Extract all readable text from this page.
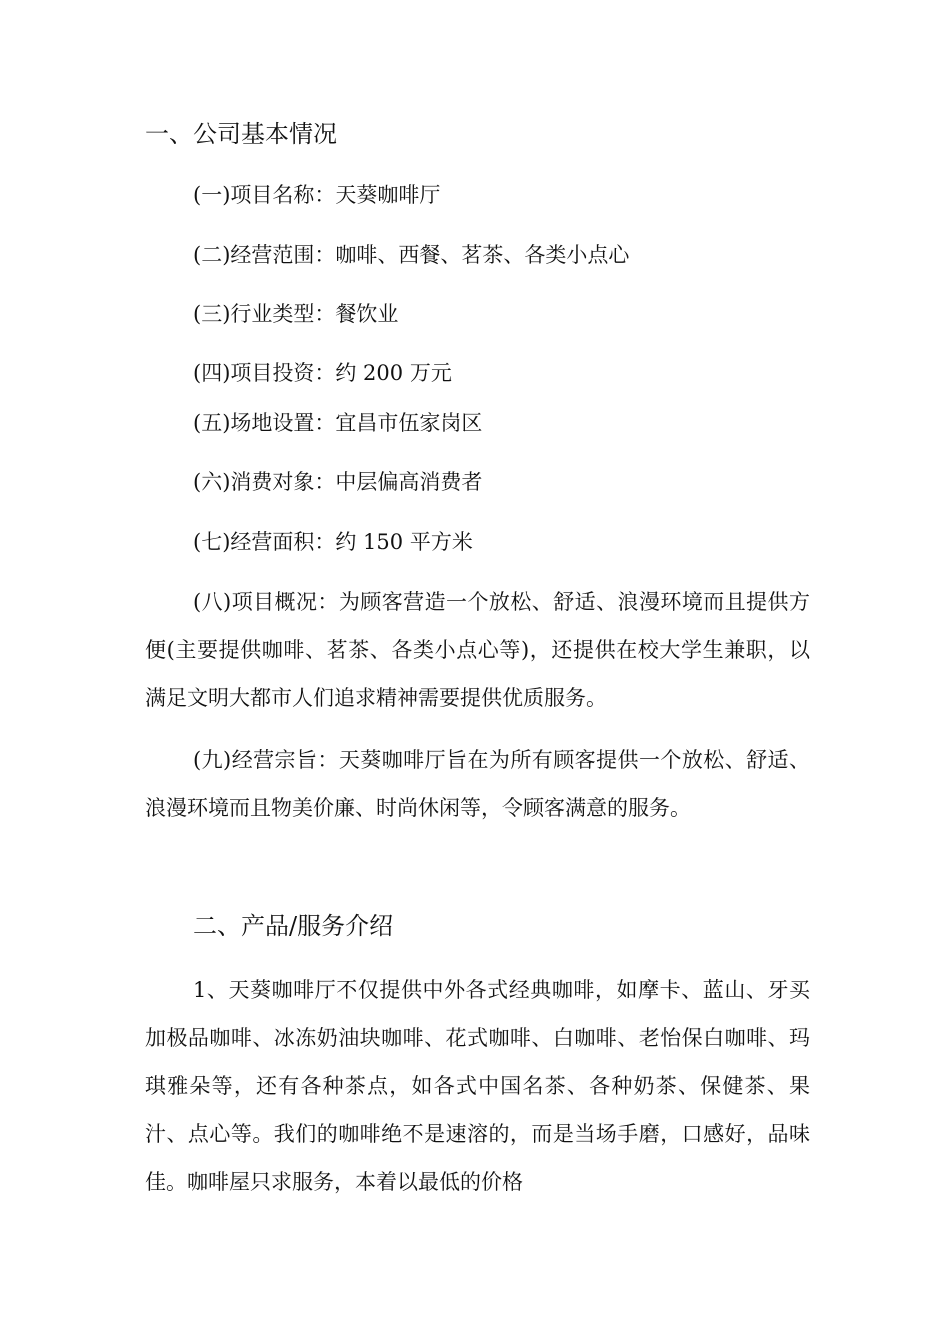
一、公司基本情况
(一)项目名称：天葵咖啡厅
(二)经营范围：咖啡、西餐、茗茶、各类小点心
(三)行业类型：餐饮业
(四)项目投资：约 200 万元
(五)场地设置：宜昌市伍家岗区
(六)消费对象：中层偏高消费者
(七)经营面积：约 150 平方米

(八)项目概况：为顾客营造一个放松、舒适、浪漫环境而且提供方便(主要提供咖啡、茗茶、各类小点心等)，还提供在校大学生兼职，以满足文明大都市人们追求精神需要提供优质服务。

(九)经营宗旨：天葵咖啡厅旨在为所有顾客提供一个放松、舒适、浪漫环境而且物美价廉、时尚休闲等，令顾客满意的服务。

二、产品/服务介绍

1、天葵咖啡厅不仅提供中外各式经典咖啡，如摩卡、蓝山、牙买加极品咖啡、冰冻奶油块咖啡、花式咖啡、白咖啡、老怡保白咖啡、玛琪雅朵等，还有各种茶点，如各式中国名茶、各种奶茶、保健茶、果汁、点心等。我们的咖啡绝不是速溶的，而是当场手磨，口感好，品味佳。咖啡屋只求服务，本着以最低的价格
